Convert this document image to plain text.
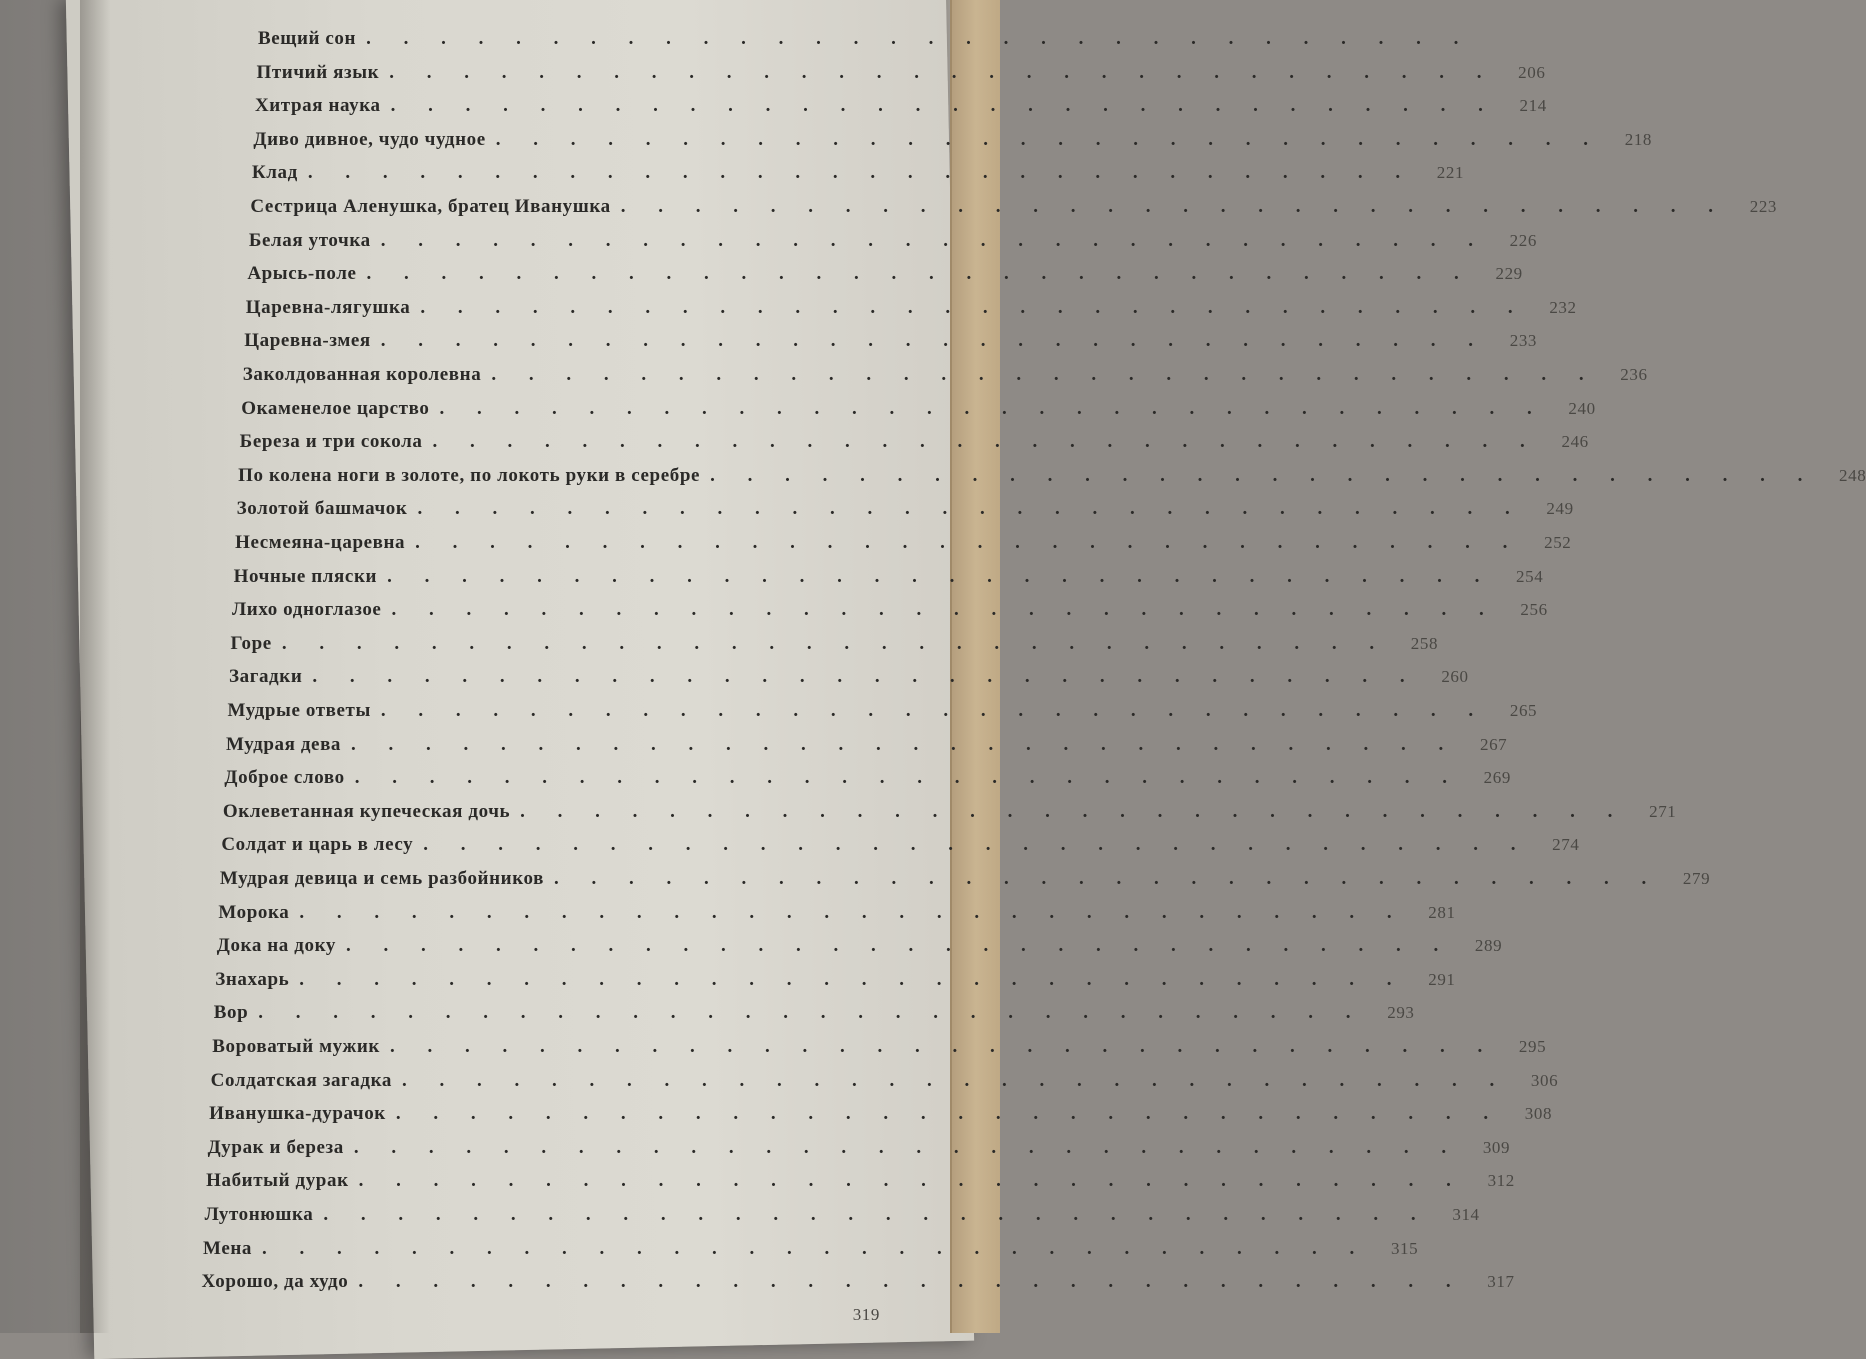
Вещий сон . . . . . . . . . . . . . . . . . . . . . . . . . . . . . .
Птичий язык . . . . . . . . . . . . . . . . . . . . . . . . . . . . . .	206
Хитрая наука . . . . . . . . . . . . . . . . . . . . . . . . . . . . . .	214
Диво дивное, чудо чудное . . . . . . . . . . . . . . . . . . . . . . . . . . . . . .	218
Клад . . . . . . . . . . . . . . . . . . . . . . . . . . . . . .	221
Сестрица Аленушка, братец Иванушка . . . . . . . . . . . . . . . . . . . . . . . . . . . . . .	223
Белая уточка . . . . . . . . . . . . . . . . . . . . . . . . . . . . . .	226
Арысь-поле . . . . . . . . . . . . . . . . . . . . . . . . . . . . . .	229
Царевна-лягушка . . . . . . . . . . . . . . . . . . . . . . . . . . . . . .	232
Царевна-змея . . . . . . . . . . . . . . . . . . . . . . . . . . . . . .	233
Заколдованная королевна . . . . . . . . . . . . . . . . . . . . . . . . . . . . . .	236
Окаменелое царство . . . . . . . . . . . . . . . . . . . . . . . . . . . . . .	240
Береза и три сокола . . . . . . . . . . . . . . . . . . . . . . . . . . . . . .	246
По колена ноги в золоте, по локоть руки в серебре . . . . . . . . . . . . . . . . . . . . . . . . . . . . . .	248
Золотой башмачок . . . . . . . . . . . . . . . . . . . . . . . . . . . . . .	249
Несмеяна-царевна . . . . . . . . . . . . . . . . . . . . . . . . . . . . . .	252
Ночные пляски . . . . . . . . . . . . . . . . . . . . . . . . . . . . . .	254
Лихо одноглазое . . . . . . . . . . . . . . . . . . . . . . . . . . . . . .	256
Горе . . . . . . . . . . . . . . . . . . . . . . . . . . . . . .	258
Загадки . . . . . . . . . . . . . . . . . . . . . . . . . . . . . .	260
Мудрые ответы . . . . . . . . . . . . . . . . . . . . . . . . . . . . . .	265
Мудрая дева . . . . . . . . . . . . . . . . . . . . . . . . . . . . . .	267
Доброе слово . . . . . . . . . . . . . . . . . . . . . . . . . . . . . .	269
Оклеветанная купеческая дочь . . . . . . . . . . . . . . . . . . . . . . . . . . . . . .	271
Солдат и царь в лесу . . . . . . . . . . . . . . . . . . . . . . . . . . . . . .	274
Мудрая девица и семь разбойников . . . . . . . . . . . . . . . . . . . . . . . . . . . . . .	279
Морока . . . . . . . . . . . . . . . . . . . . . . . . . . . . . .	281
Дока на доку . . . . . . . . . . . . . . . . . . . . . . . . . . . . . .	289
Знахарь . . . . . . . . . . . . . . . . . . . . . . . . . . . . . .	291
Вор . . . . . . . . . . . . . . . . . . . . . . . . . . . . . .	293
Вороватый мужик . . . . . . . . . . . . . . . . . . . . . . . . . . . . . .	295
Солдатская загадка . . . . . . . . . . . . . . . . . . . . . . . . . . . . . .	306
Иванушка-дурачок . . . . . . . . . . . . . . . . . . . . . . . . . . . . . .	308
Дурак и береза . . . . . . . . . . . . . . . . . . . . . . . . . . . . . .	309
Набитый дурак . . . . . . . . . . . . . . . . . . . . . . . . . . . . . .	312
Лутонюшка . . . . . . . . . . . . . . . . . . . . . . . . . . . . . .	314
Мена . . . . . . . . . . . . . . . . . . . . . . . . . . . . . .	315
Хорошо, да худо . . . . . . . . . . . . . . . . . . . . . . . . . . . . . .	317
319
